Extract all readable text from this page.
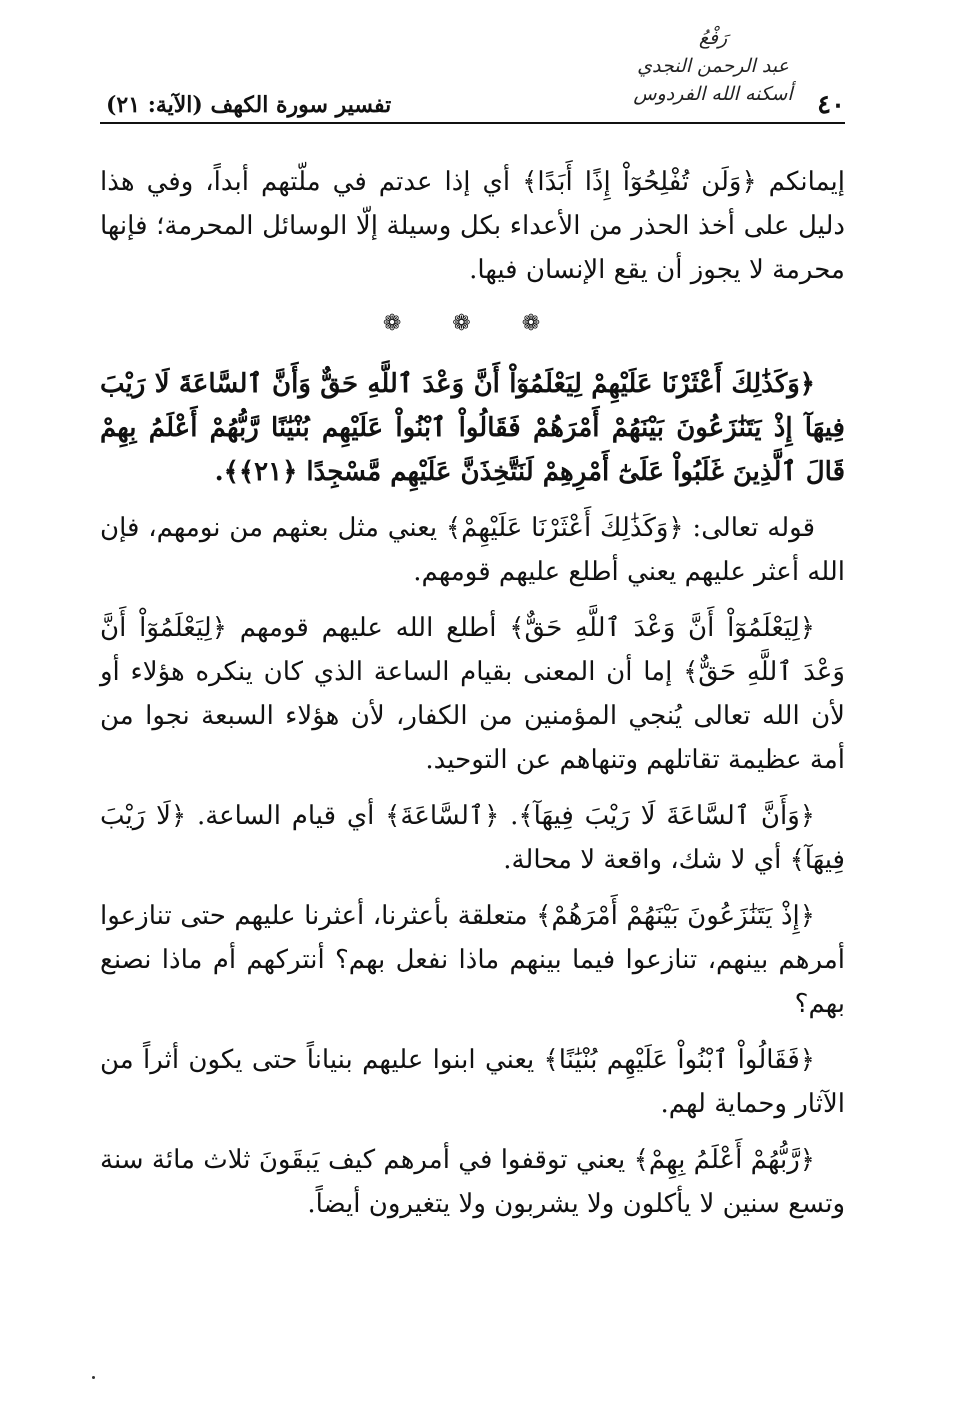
رَفْعُ
عبد الرحمن النجدي
أسكنه الله الفردوس ٤٠
تفسير سورة الكهف (الآية: ٢١)

إيمانكم ﴿وَلَن تُفْلِحُوٓاْ إِذًا أَبَدًا﴾ أي إذا عدتم في ملّتهم أبداً، وفي هذا دليل على أخذ الحذر من الأعداء بكل وسيلة إلّا الوسائل المحرمة؛ فإنها محرمة لا يجوز أن يقع الإنسان فيها.

❁ ❁ ❁

﴿وَكَذَٰلِكَ أَعْثَرْنَا عَلَيْهِمْ لِيَعْلَمُوٓاْ أَنَّ وَعْدَ ٱللَّهِ حَقٌّ وَأَنَّ ٱلسَّاعَةَ لَا رَيْبَ فِيهَآ إِذْ يَتَنَٰزَعُونَ بَيْنَهُمْ أَمْرَهُمْ فَقَالُواْ ٱبْنُواْ عَلَيْهِم بُنْيَٰنًا رَّبُّهُمْ أَعْلَمُ بِهِمْ قَالَ ٱلَّذِينَ غَلَبُواْ عَلَىٰٓ أَمْرِهِمْ لَنَتَّخِذَنَّ عَلَيْهِم مَّسْجِدًا ﴿٢١﴾﴾.

قوله تعالى: ﴿وَكَذَٰلِكَ أَعْثَرْنَا عَلَيْهِمْ﴾ يعني مثل بعثهم من نومهم، فإن الله أعثر عليهم يعني أطلع عليهم قومهم.

﴿لِيَعْلَمُوٓاْ أَنَّ وَعْدَ ٱللَّهِ حَقٌّ﴾ أطلع الله عليهم قومهم ﴿لِيَعْلَمُوٓاْ أَنَّ وَعْدَ ٱللَّهِ حَقٌّ﴾ إما أن المعنى بقيام الساعة الذي كان ينكره هؤلاء أو لأن الله تعالى يُنجي المؤمنين من الكفار، لأن هؤلاء السبعة نجوا من أمة عظيمة تقاتلهم وتنهاهم عن التوحيد.

﴿وَأَنَّ ٱلسَّاعَةَ لَا رَيْبَ فِيهَآ﴾. ﴿ٱلسَّاعَةَ﴾ أي قيام الساعة. ﴿لَا رَيْبَ فِيهَآ﴾ أي لا شك، واقعة لا محالة.

﴿إِذْ يَتَنَٰزَعُونَ بَيْنَهُمْ أَمْرَهُمْ﴾ متعلقة بأعثرنا، أعثرنا عليهم حتى تنازعوا أمرهم بينهم، تنازعوا فيما بينهم ماذا نفعل بهم؟ أنتركهم أم ماذا نصنع بهم؟

﴿فَقَالُواْ ٱبْنُواْ عَلَيْهِم بُنْيَٰنًا﴾ يعني ابنوا عليهم بنياناً حتى يكون أثراً من الآثار وحماية لهم.

﴿رَّبُّهُمْ أَعْلَمُ بِهِمْ﴾ يعني توقفوا في أمرهم كيف يَبقَونَ ثلاث مائة سنة وتسع سنين لا يأكلون ولا يشربون ولا يتغيرون أيضاً.
